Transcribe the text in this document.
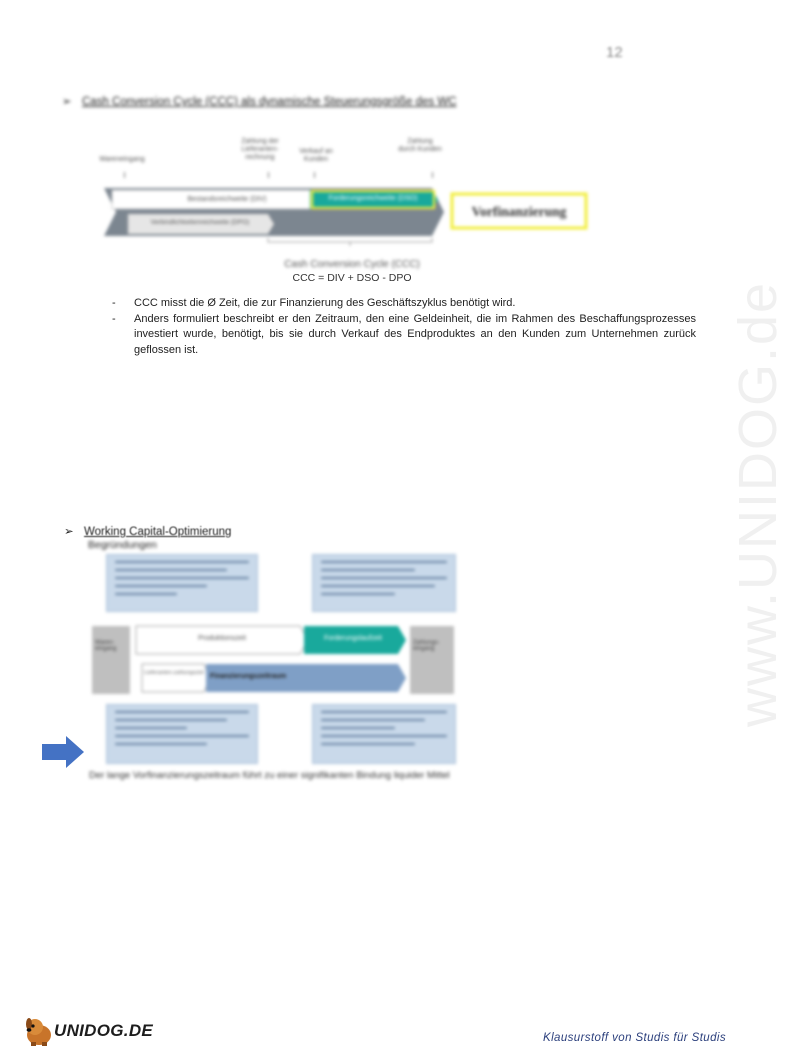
12
➢ Cash Conversion Cycle (CCC) als dynamische Steuerungsgröße des WC
Wareneingang
Zahlung der Lieferanten-rechnung
Verkauf an Kunden
Zahlung durch Kunden
Bestandsreichweite (DIV)	Forderungsreichweite (DSO)
Verbindlichkeitenreichweite (DPO)
Vorfinanzierung
Cash Conversion Cycle (CCC)
CCC = DIV + DSO - DPO
- CCC misst die Ø Zeit, die zur Finanzierung des Geschäftszyklus benötigt wird.
- Anders formuliert beschreibt er den Zeitraum, den eine Geldeinheit, die im Rahmen des Beschaffungsprozesses investiert wurde, benötigt, bis sie durch Verkauf des Endproduktes an den Kunden zum Unternehmen zurück geflossen ist.
➢ Working Capital-Optimierung
Begründungen
Waren-eingang
Zahlungs-eingang
Produktionszeit	Forderungslaufzeit
Lieferanten-zahlungsziel Finanzierungszeitraum
Der lange Vorfinanzierungszeitraum führt zu einer signifikanten Bindung liquider Mittel
www.UNIDOG.de
UNIDOG.DE	Klausurstoff von Studis für Studis
